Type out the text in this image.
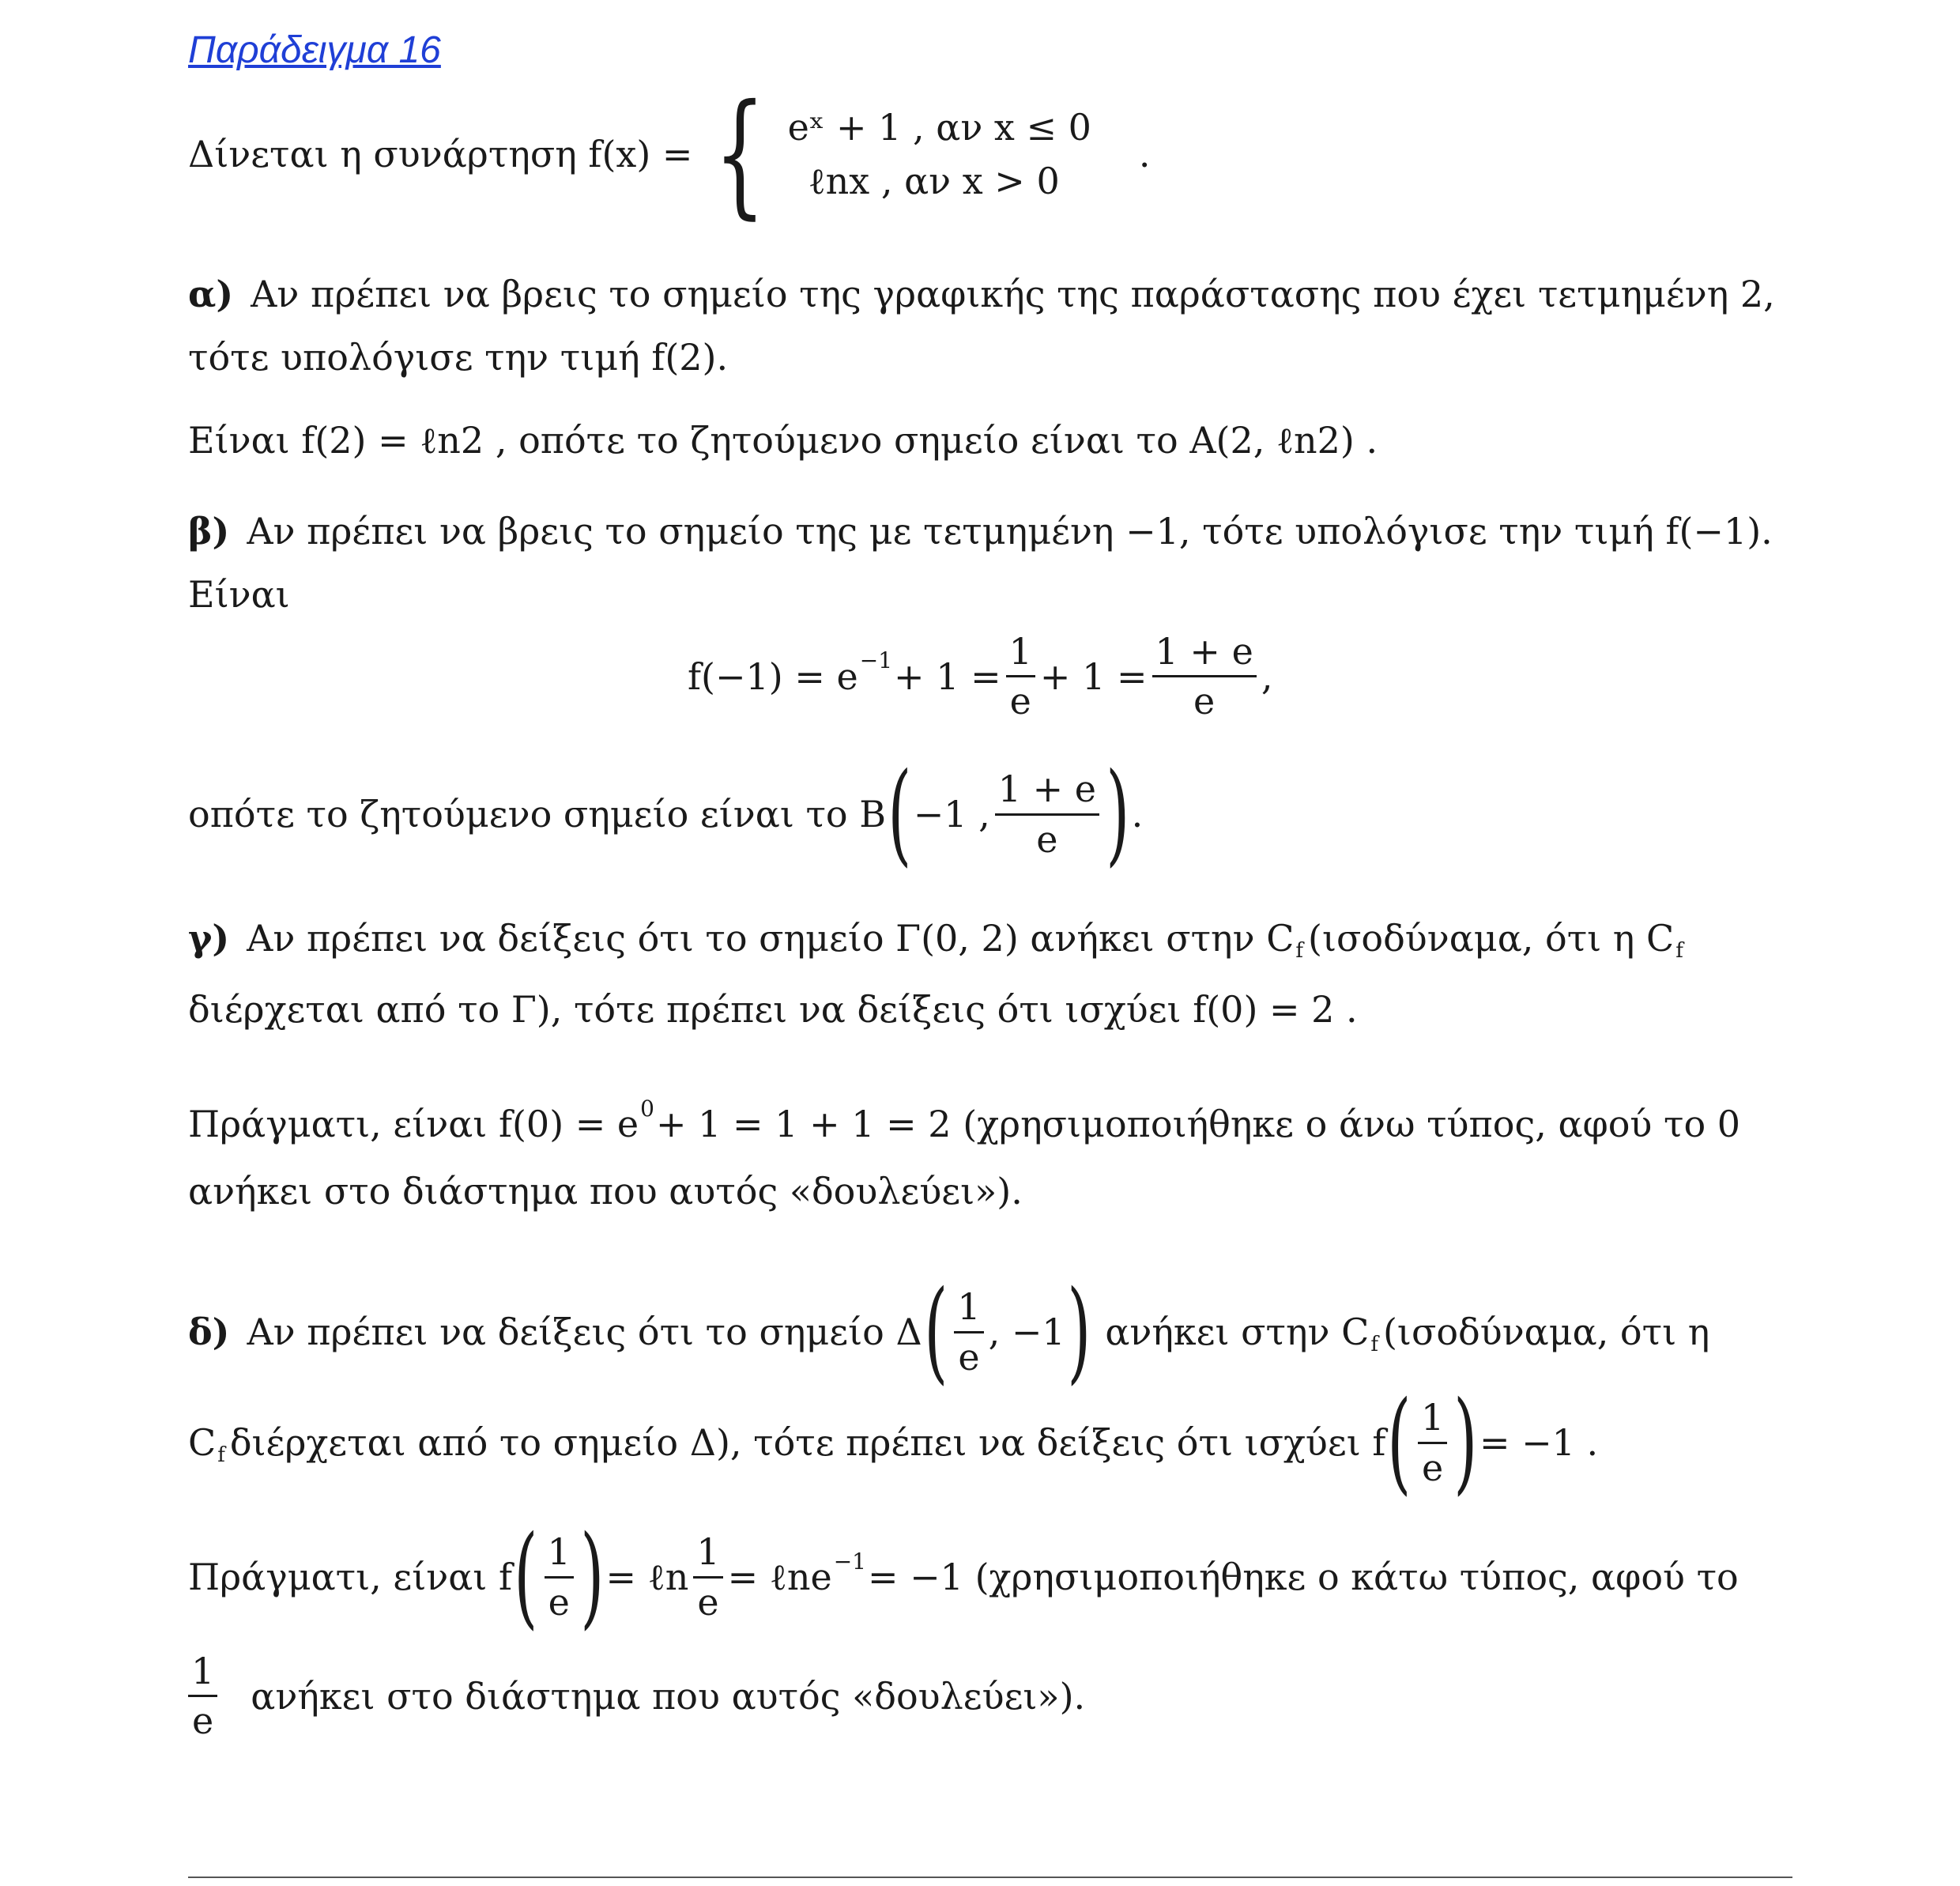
Παράδειγμα 16
Δίνεται η συνάρτηση f(x) = { eˣ + 1 , αν x ≤ 0
ℓnx , αν x > 0
.
α) Αν πρέπει να βρεις το σημείο της γραφικής της παράστασης που έχει τετμημένη 2,
τότε υπολόγισε την τιμή f(2).
Είναι f(2) = ℓn2 , οπότε το ζητούμενο σημείο είναι το A(2, ℓn2) .
β) Αν πρέπει να βρεις το σημείο της με τετμημένη −1, τότε υπολόγισε την τιμή f(−1).
Είναι
$f(-1) = e -1 + 1 = \frac{1}{e} + 1 = \frac{1 + e}{e}$ ,
οπότε το ζητούμενο σημείο είναι το B ( −1 , $\frac{1 + e}{e}$ ) .
γ) Αν πρέπει να δείξεις ότι το σημείο Γ(0, 2) ανήκει στην C f (ισοδύναμα, ότι η C f
διέρχεται από το Γ), τότε πρέπει να δείξεις ότι ισχύει f(0) = 2 .
Πράγματι, είναι f(0) = e 0 + 1 = 1 + 1 = 2 (χρησιμοποιήθηκε ο άνω τύπος, αφού το 0
ανήκει στο διάστημα που αυτός «δουλεύει»).
δ) Αν πρέπει να δείξεις ότι το σημείο Δ ( $\frac{1}{e}$ , −1 ) ανήκει στην C f (ισοδύναμα, ότι η
C f διέρχεται από το σημείο Δ), τότε πρέπει να δείξεις ότι ισχύει f ( $\frac{1}{e}$ ) = −1 .
Πράγματι, είναι f ( $\frac{1}{e}$ ) = ℓn $\frac{1}{e}$ = ℓne −1 = −1 (χρησιμοποιήθηκε ο κάτω τύπος, αφού το
$\frac{1}{e}$ ανήκει στο διάστημα που αυτός «δουλεύει»).
